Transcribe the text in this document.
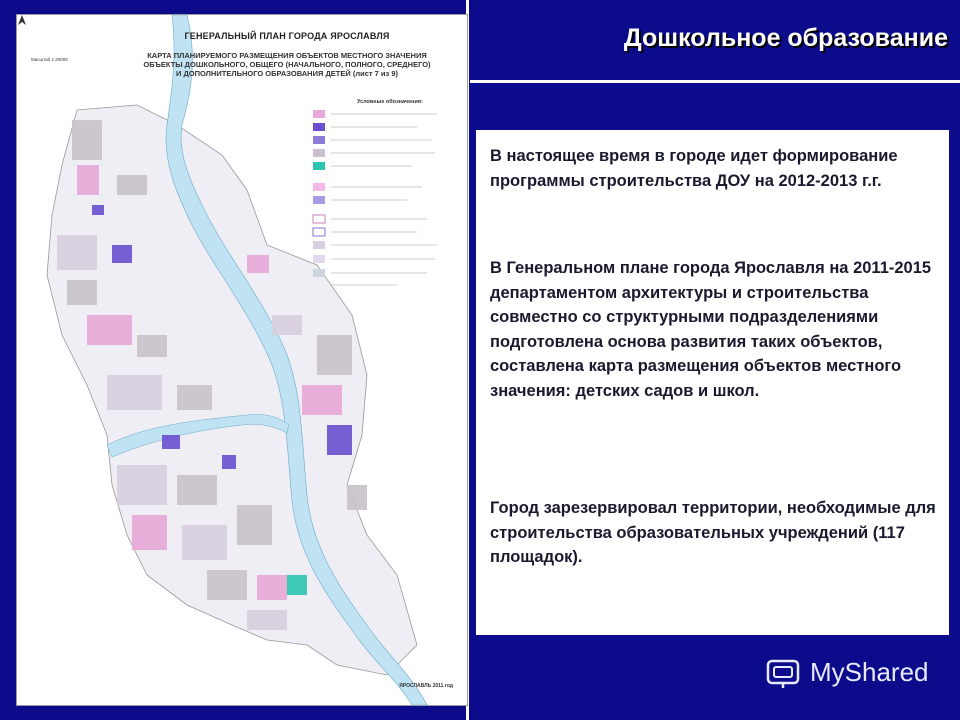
Дошкольное образование
Масштаб 1:20000
ГЕНЕРАЛЬНЫЙ ПЛАН ГОРОДА ЯРОСЛАВЛЯ
КАРТА ПЛАНИРУЕМОГО РАЗМЕЩЕНИЯ ОБЪЕКТОВ МЕСТНОГО ЗНАЧЕНИЯ
ОБЪЕКТЫ ДОШКОЛЬНОГО, ОБЩЕГО (НАЧАЛЬНОГО, ПОЛНОГО, СРЕДНЕГО)
И ДОПОЛНИТЕЛЬНОГО ОБРАЗОВАНИЯ ДЕТЕЙ (лист 7 из 9)
Условные обозначения:
ЯРОСЛАВЛЬ 2011 год

В настоящее время в городе идет формирование программы строительства ДОУ на 2012-2013 г.г.

В Генеральном плане города Ярославля на 2011-2015 департаментом архитектуры и строительства совместно со структурными подразделениями подготовлена основа развития таких объектов, составлена карта размещения объектов местного значения: детских садов и школ.

Город зарезервировал территории, необходимые для строительства образовательных учреждений (117 площадок).

MyShared
